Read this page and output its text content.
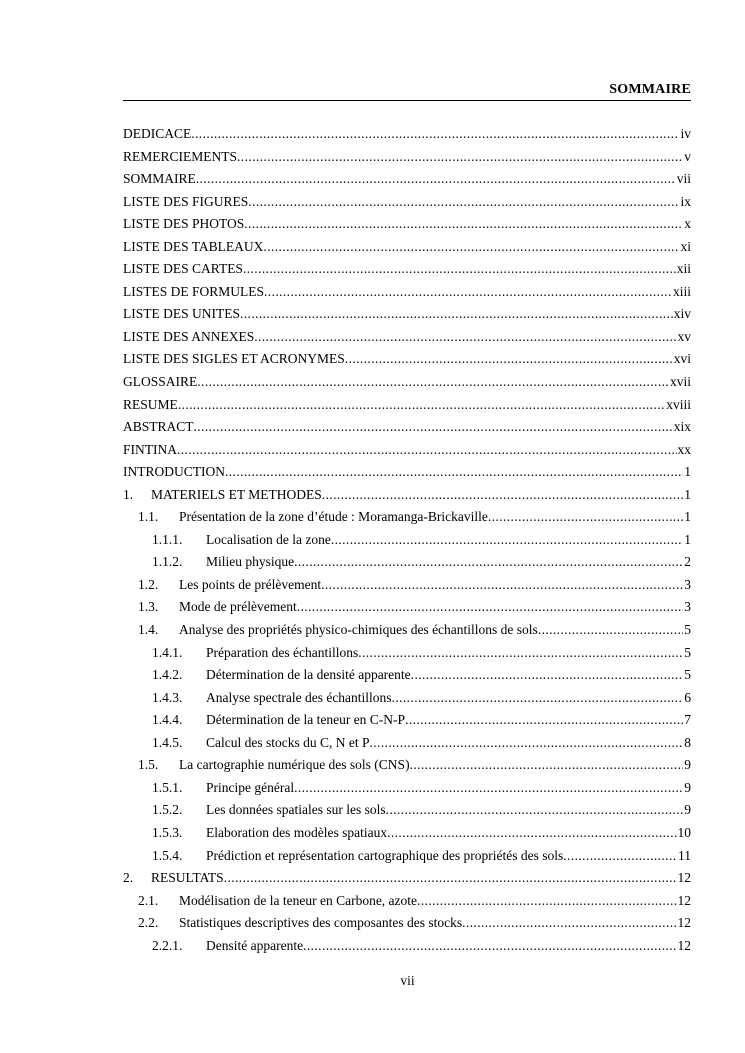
SOMMAIRE
DEDICACE .....	iv
REMERCIEMENTS .....	v
SOMMAIRE .....	vii
LISTE DES FIGURES .....	ix
LISTE DES PHOTOS .....	x
LISTE DES TABLEAUX .....	xi
LISTE DES CARTES .....	xii
LISTES DE FORMULES .....	xiii
LISTE DES UNITES .....	xiv
LISTE DES ANNEXES .....	xv
LISTE DES SIGLES ET ACRONYMES .....	xvi
GLOSSAIRE .....	xvii
RESUME .....	xviii
ABSTRACT .....	xix
FINTINA .....	xx
INTRODUCTION .....	1
1.	MATERIELS ET METHODES .....	1
1.1.	Présentation de la zone d’étude : Moramanga-Brickaville .....	1
1.1.1.	Localisation de la zone .....	1
1.1.2.	Milieu physique .....	2
1.2.	Les points de prélèvement .....	3
1.3.	Mode de prélèvement .....	3
1.4.	Analyse des propriétés physico-chimiques des échantillons de sols .....	5
1.4.1.	Préparation des échantillons .....	5
1.4.2.	Détermination de la densité apparente .....	5
1.4.3.	Analyse spectrale des échantillons .....	6
1.4.4.	Détermination de la teneur en C-N-P .....	7
1.4.5.	Calcul des stocks du C, N et P .....	8
1.5.	La cartographie numérique des sols (CNS) .....	9
1.5.1.	Principe général .....	9
1.5.2.	Les données spatiales sur les sols .....	9
1.5.3.	Elaboration des modèles spatiaux .....	10
1.5.4.	Prédiction et représentation cartographique des propriétés des sols .....	11
2.	RESULTATS .....	12
2.1.	Modélisation de la teneur en Carbone, azote .....	12
2.2.	Statistiques descriptives des composantes des stocks .....	12
2.2.1.	Densité apparente .....	12
vii
